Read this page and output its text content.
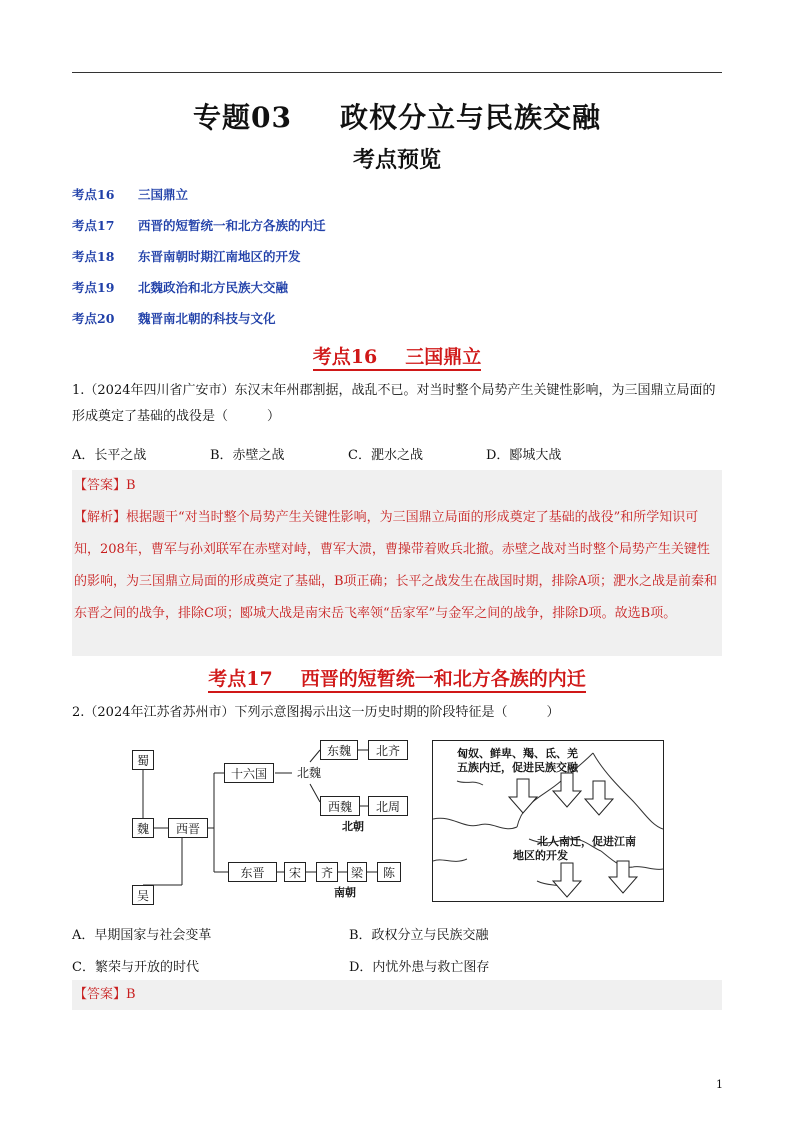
专题03 政权分立与民族交融
考点预览
考点16	三国鼎立
考点17	西晋的短暂统一和北方各族的内迁
考点18	东晋南朝时期江南地区的开发
考点19	北魏政治和北方民族大交融
考点20	魏晋南北朝的科技与文化
考点16 三国鼎立
1.（2024年四川省广安市）东汉末年州郡割据，战乱不已。对当时整个局势产生关键性影响，为三国鼎立局面的形成奠定了基础的战役是（　　　）
A．长平之战	B．赤壁之战	C．淝水之战	D．郾城大战
【答案】B
【解析】根据题干“对当时整个局势产生关键性影响，为三国鼎立局面的形成奠定了基础的战役”和所学知识可知，208年，曹军与孙刘联军在赤壁对峙，曹军大溃，曹操带着败兵北撤。赤壁之战对当时整个局势产生关键性的影响，为三国鼎立局面的形成奠定了基础，B项正确；长平之战发生在战国时期，排除A项；淝水之战是前秦和东晋之间的战争，排除C项；郾城大战是南宋岳飞率领“岳家军”与金军之间的战争，排除D项。故选B项。
考点17 西晋的短暂统一和北方各族的内迁
2.（2024年江苏省苏州市）下列示意图揭示出这一历史时期的阶段特征是（　　　）
蜀
魏
吴
西晋
十六国	北魏
东魏	北齐
西魏	北周
北朝
东晋	宋	齐	梁	陈
南朝
匈奴、鲜卑、羯、氐、羌
五族内迁，促进民族交融
北人南迁，促进江南
地区的开发
A．早期国家与社会变革	B．政权分立与民族交融
C．繁荣与开放的时代	D．内忧外患与救亡图存
【答案】B
1
